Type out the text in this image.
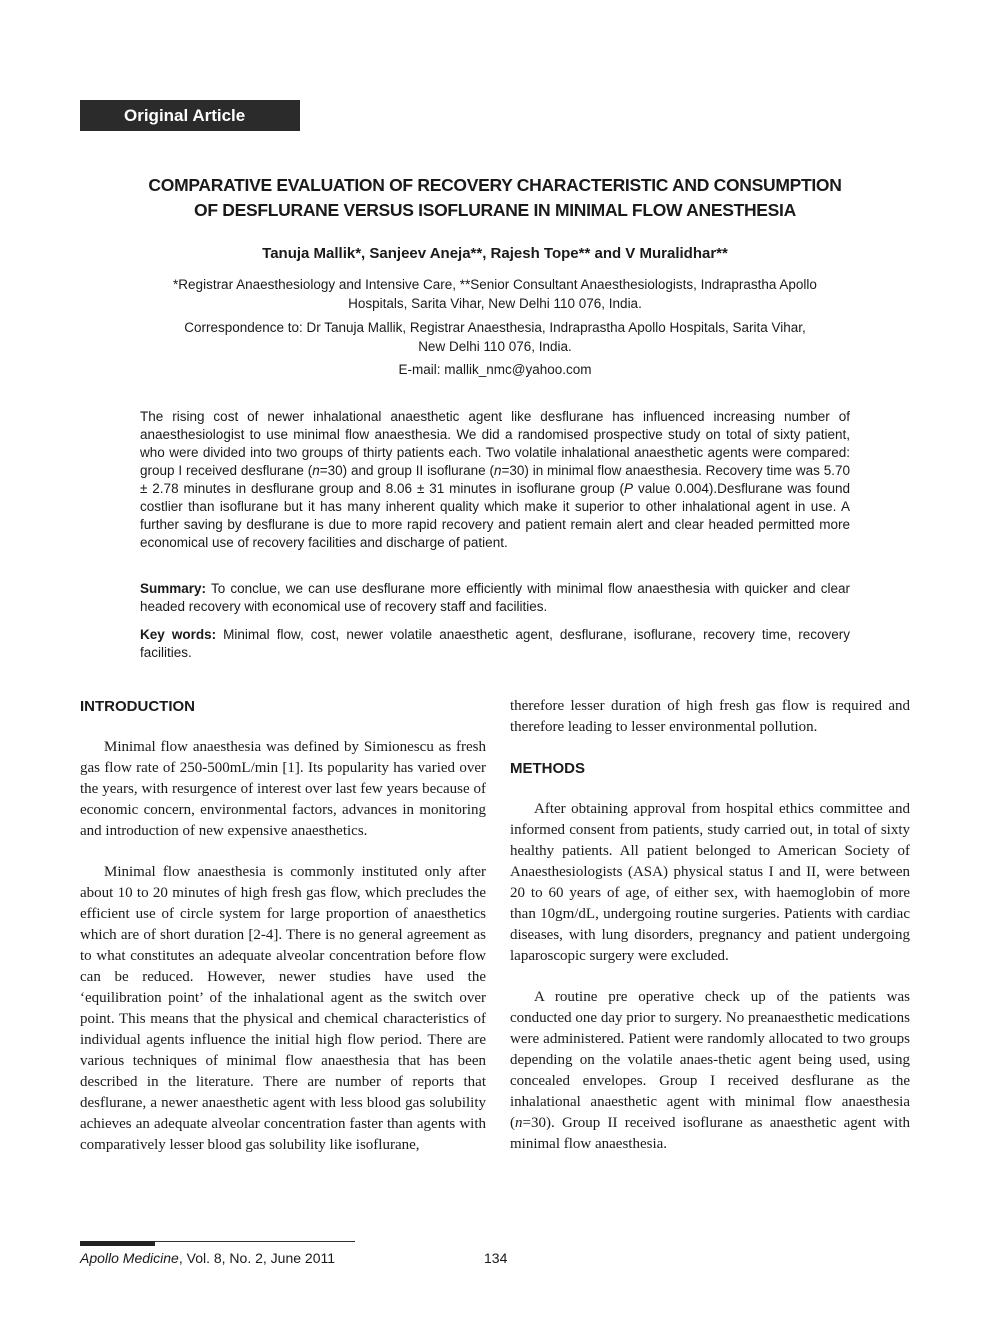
Original Article
COMPARATIVE EVALUATION OF RECOVERY CHARACTERISTIC AND CONSUMPTION
OF DESFLURANE VERSUS ISOFLURANE IN MINIMAL FLOW ANESTHESIA
Tanuja Mallik*, Sanjeev Aneja**, Rajesh Tope** and V Muralidhar**
*Registrar Anaesthesiology and Intensive Care, **Senior Consultant Anaesthesiologists, Indraprastha Apollo
Hospitals, Sarita Vihar, New Delhi 110 076, India.
Correspondence to: Dr Tanuja Mallik, Registrar Anaesthesia, Indraprastha Apollo Hospitals, Sarita Vihar,
New Delhi 110 076, India.
E-mail: mallik_nmc@yahoo.com
The rising cost of newer inhalational anaesthetic agent like desflurane has influenced increasing number of anaesthesiologist to use minimal flow anaesthesia. We did a randomised prospective study on total of sixty patient, who were divided into two groups of thirty patients each. Two volatile inhalational anaesthetic agents were compared: group I received desflurane (n=30) and group II isoflurane (n=30) in minimal flow anaesthesia. Recovery time was 5.70 ± 2.78 minutes in desflurane group and 8.06 ± 31 minutes in isoflurane group (P value 0.004).Desflurane was found costlier than isoflurane but it has many inherent quality which make it superior to other inhalational agent in use. A further saving by desflurane is due to more rapid recovery and patient remain alert and clear headed permitted more economical use of recovery facilities and discharge of patient.
Summary: To conclue, we can use desflurane more efficiently with minimal flow anaesthesia with quicker and clear headed recovery with economical use of recovery staff and facilities.
Key words: Minimal flow, cost, newer volatile anaesthetic agent, desflurane, isoflurane, recovery time, recovery facilities.
INTRODUCTION

Minimal flow anaesthesia was defined by Simionescu as fresh gas flow rate of 250-500mL/min [1]. Its popularity has varied over the years, with resurgence of interest over last few years because of economic concern, environmental factors, advances in monitoring and introduction of new expensive anaesthetics.

Minimal flow anaesthesia is commonly instituted only after about 10 to 20 minutes of high fresh gas flow, which precludes the efficient use of circle system for large proportion of anaesthetics which are of short duration [2-4]. There is no general agreement as to what constitutes an adequate alveolar concentration before flow can be reduced. However, newer studies have used the ‘equilibration point’ of the inhalational agent as the switch over point. This means that the physical and chemical characteristics of individual agents influence the initial high flow period. There are various techniques of minimal flow anaesthesia that has been described in the literature. There are number of reports that desflurane, a newer anaesthetic agent with less blood gas solubility achieves an adequate alveolar concentration faster than agents with comparatively lesser blood gas solubility like isoflurane,

therefore lesser duration of high fresh gas flow is required and therefore leading to lesser environmental pollution.

METHODS

After obtaining approval from hospital ethics committee and informed consent from patients, study carried out, in total of sixty healthy patients. All patient belonged to American Society of Anaesthesiologists (ASA) physical status I and II, were between 20 to 60 years of age, of either sex, with haemoglobin of more than 10gm/dL, undergoing routine surgeries. Patients with cardiac diseases, with lung disorders, pregnancy and patient undergoing laparoscopic surgery were excluded.

A routine pre operative check up of the patients was conducted one day prior to surgery. No preanaesthetic medications were administered. Patient were randomly allocated to two groups depending on the volatile anaes-thetic agent being used, using concealed envelopes. Group I received desflurane as the inhalational anaesthetic agent with minimal flow anaesthesia (n=30). Group II received isoflurane as anaesthetic agent with minimal flow anaesthesia.

Apollo Medicine, Vol. 8, No. 2, June 2011	134
